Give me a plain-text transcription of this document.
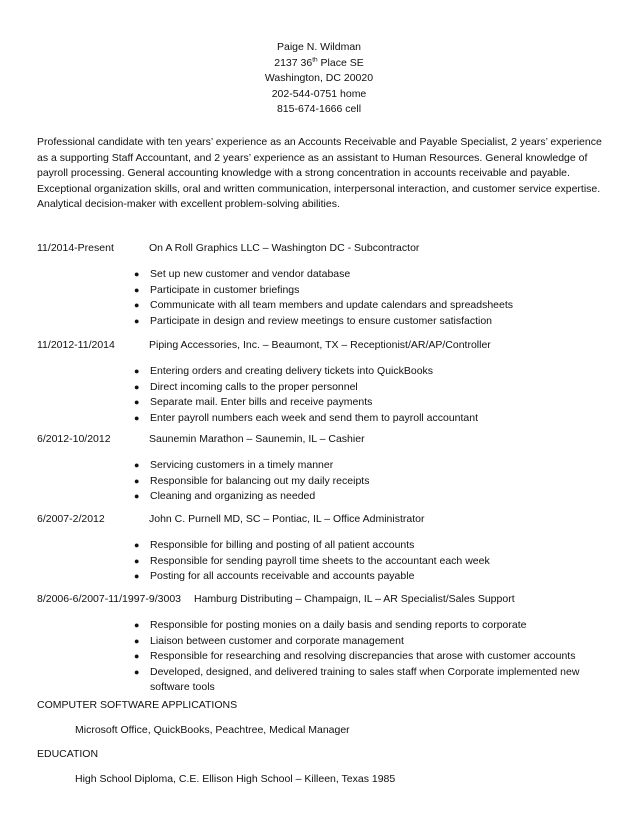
Paige N. Wildman
2137 36th Place SE
Washington, DC 20020
202-544-0751 home
815-674-1666 cell
Professional candidate with ten years’ experience as an Accounts Receivable and Payable Specialist, 2 years’ experience as a supporting Staff Accountant, and 2 years’ experience as an assistant to Human Resources. General knowledge of payroll processing. General accounting knowledge with a strong concentration in accounts receivable and payable. Exceptional organization skills, oral and written communication, interpersonal interaction, and customer service expertise. Analytical decision-maker with excellent problem-solving abilities.
11/2014-Present	On A Roll Graphics LLC – Washington DC - Subcontractor
● Set up new customer and vendor database
● Participate in customer briefings
● Communicate with all team members and update calendars and spreadsheets
● Participate in design and review meetings to ensure customer satisfaction
11/2012-11/2014	Piping Accessories, Inc. – Beaumont, TX – Receptionist/AR/AP/Controller
● Entering orders and creating delivery tickets into QuickBooks
● Direct incoming calls to the proper personnel
● Separate mail. Enter bills and receive payments
● Enter payroll numbers each week and send them to payroll accountant
6/2012-10/2012	Saunemin Marathon – Saunemin, IL – Cashier
● Servicing customers in a timely manner
● Responsible for balancing out my daily receipts
● Cleaning and organizing as needed
6/2007-2/2012	John C. Purnell MD, SC – Pontiac, IL – Office Administrator
● Responsible for billing and posting of all patient accounts
● Responsible for sending payroll time sheets to the accountant each week
● Posting for all accounts receivable and accounts payable
8/2006-6/2007-11/1997-9/3003 Hamburg Distributing – Champaign, IL – AR Specialist/Sales Support
● Responsible for posting monies on a daily basis and sending reports to corporate
● Liaison between customer and corporate management
● Responsible for researching and resolving discrepancies that arose with customer accounts
● Developed, designed, and delivered training to sales staff when Corporate implemented new software tools
COMPUTER SOFTWARE APPLICATIONS
Microsoft Office, QuickBooks, Peachtree, Medical Manager
EDUCATION
High School Diploma, C.E. Ellison High School – Killeen, Texas 1985
